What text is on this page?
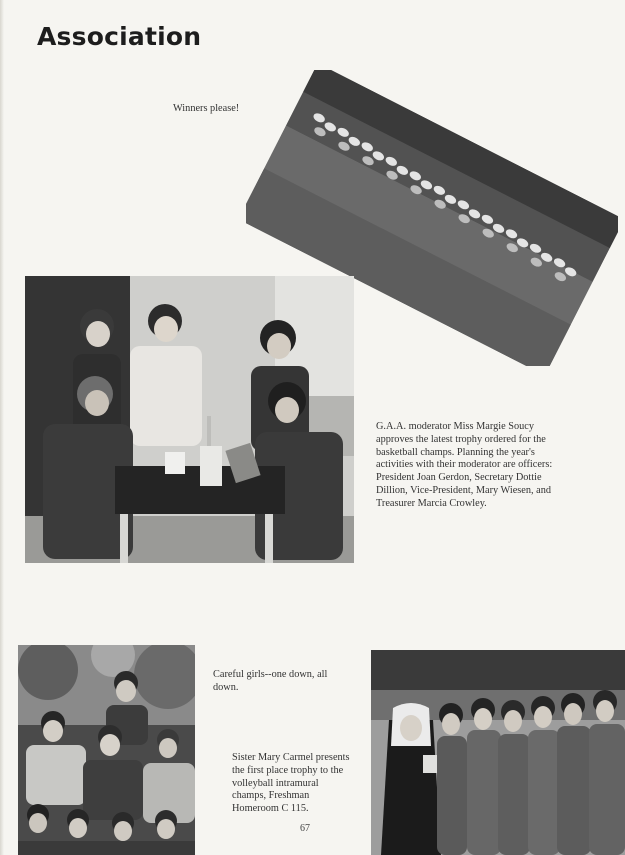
Association

Winners please!

G.A.A. moderator Miss Margie Soucy approves the latest trophy ordered for the basketball champs. Planning the year's activities with their moderator are officers: President Joan Gerdon, Secretary Dottie Dillion, Vice-President, Mary Wiesen, and Treasurer Marcia Crowley.

Careful girls--one down, all down.

Sister Mary Carmel presents the first place trophy to the volleyball intramural champs, Freshman Homeroom C 115.

67
